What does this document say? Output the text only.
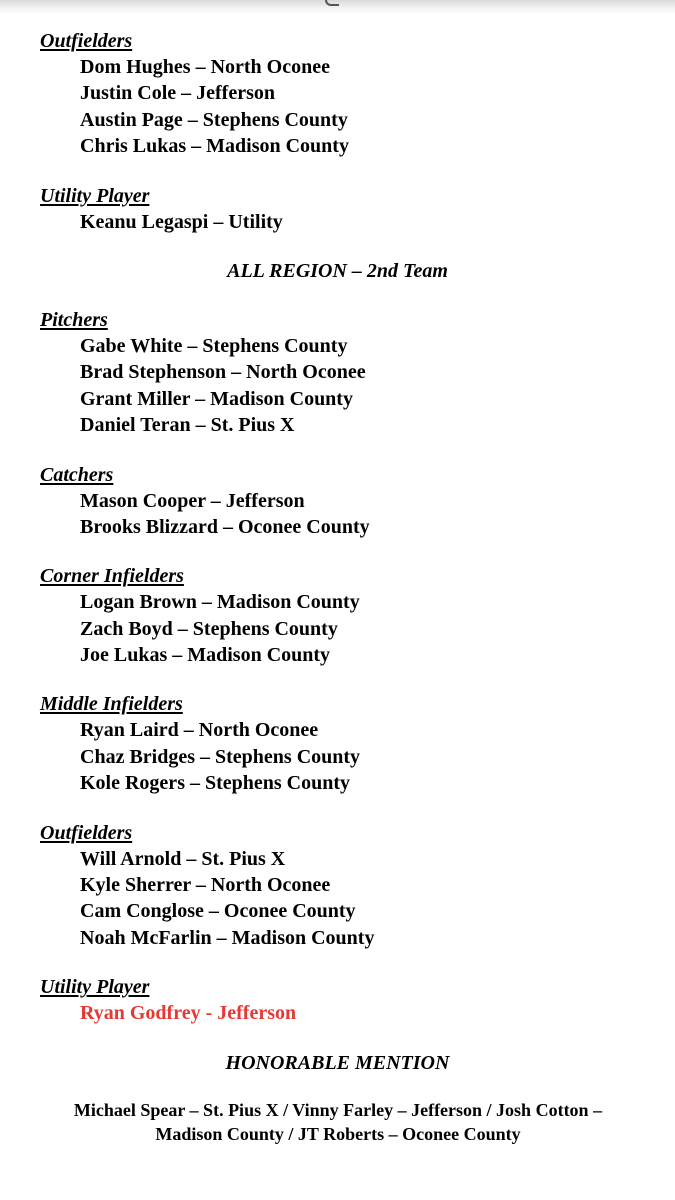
Outfielders
Dom Hughes – North Oconee
Justin Cole – Jefferson
Austin Page – Stephens County
Chris Lukas – Madison County
Utility Player
Keanu Legaspi – Utility
ALL REGION – 2nd Team
Pitchers
Gabe White – Stephens County
Brad Stephenson – North Oconee
Grant Miller – Madison County
Daniel Teran – St. Pius X
Catchers
Mason Cooper – Jefferson
Brooks Blizzard – Oconee County
Corner Infielders
Logan Brown – Madison County
Zach Boyd – Stephens County
Joe Lukas – Madison County
Middle Infielders
Ryan Laird – North Oconee
Chaz Bridges – Stephens County
Kole Rogers – Stephens County
Outfielders
Will Arnold – St. Pius X
Kyle Sherrer – North Oconee
Cam Conglose – Oconee County
Noah McFarlin – Madison County
Utility Player
Ryan Godfrey - Jefferson
HONORABLE MENTION
Michael Spear – St. Pius X / Vinny Farley – Jefferson / Josh Cotton –
Madison County / JT Roberts – Oconee County
